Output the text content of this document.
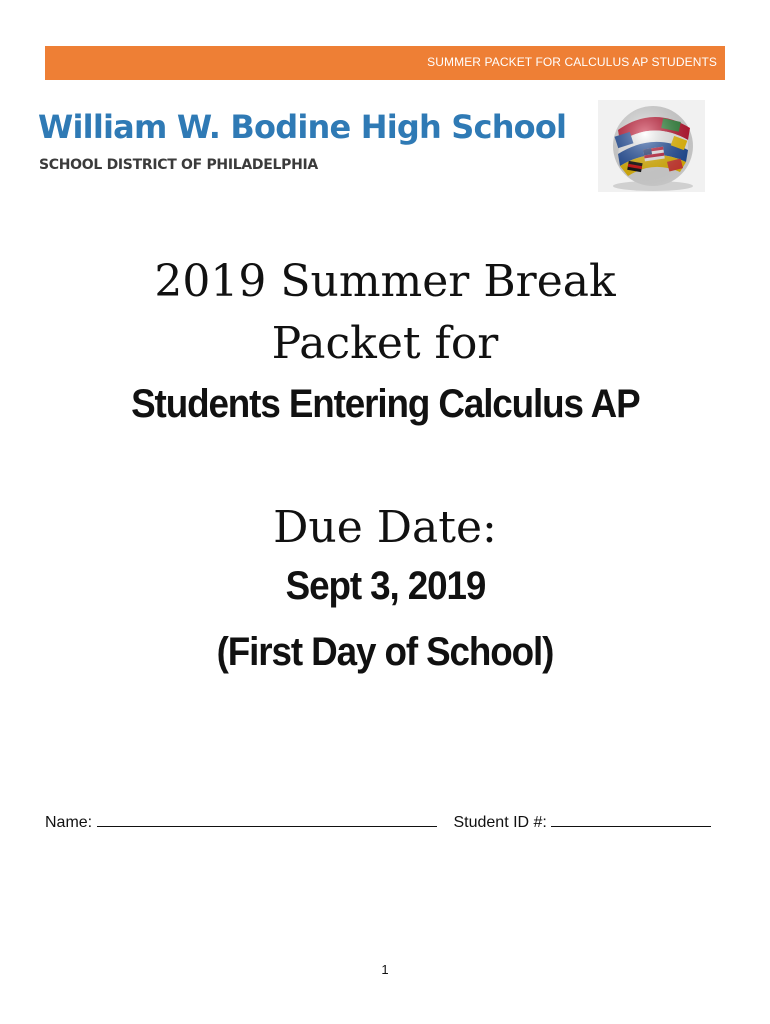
SUMMER PACKET FOR CALCULUS AP STUDENTS
William W. Bodine High School
SCHOOL DISTRICT OF PHILADELPHIA
2019 Summer Break
Packet for
Students Entering Calculus AP
Due Date:
Sept 3, 2019
(First Day of School)
Name:	Student ID #:
1
